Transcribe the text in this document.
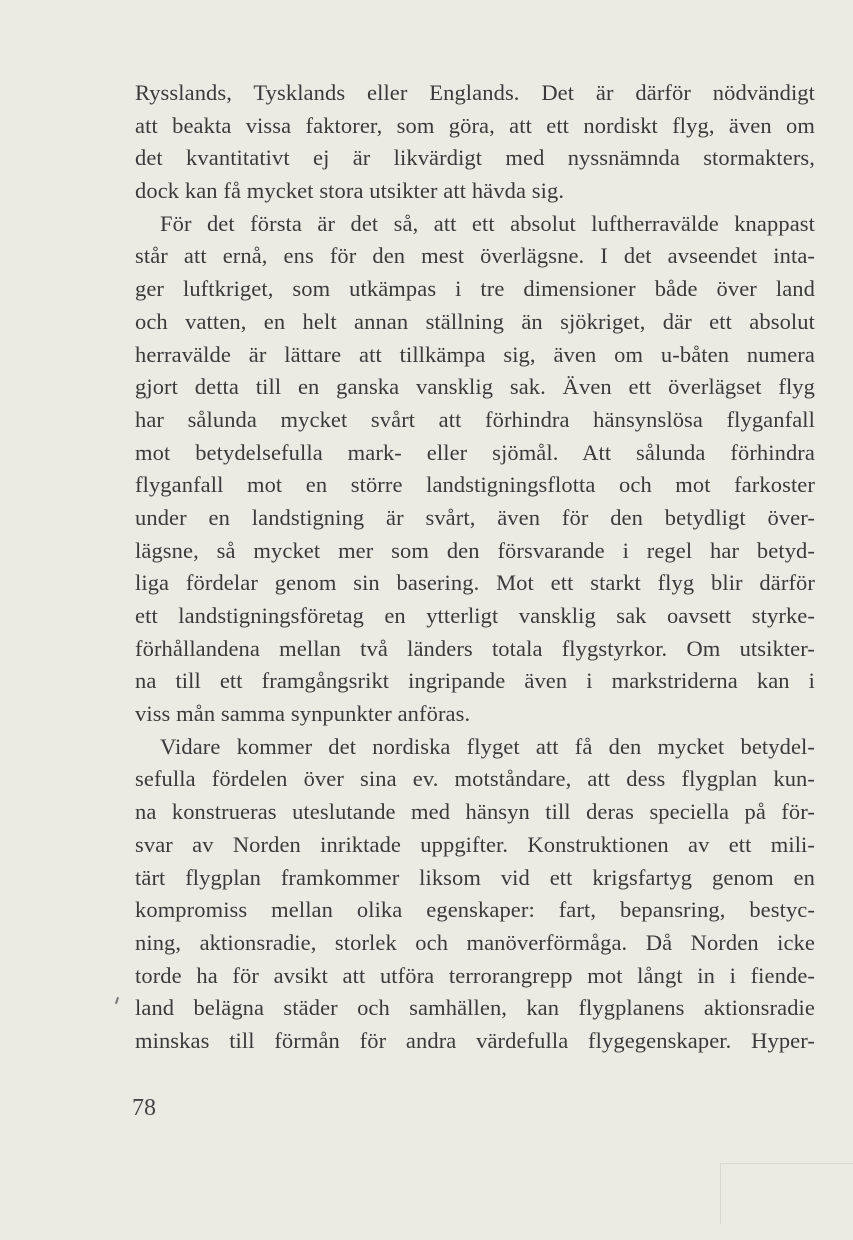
Rysslands, Tysklands eller Englands. Det är därför nödvändigt
att beakta vissa faktorer, som göra, att ett nordiskt flyg, även om
det kvantitativt ej är likvärdigt med nyssnämnda stormakters,
dock kan få mycket stora utsikter att hävda sig.
För det första är det så, att ett absolut luftherravälde knappast
står att ernå, ens för den mest överlägsne. I det avseendet inta-
ger luftkriget, som utkämpas i tre dimensioner både över land
och vatten, en helt annan ställning än sjökriget, där ett absolut
herravälde är lättare att tillkämpa sig, även om u-båten numera
gjort detta till en ganska vansklig sak. Även ett överlägset flyg
har sålunda mycket svårt att förhindra hänsynslösa flyganfall
mot betydelsefulla mark- eller sjömål. Att sålunda förhindra
flyganfall mot en större landstigningsflotta och mot farkoster
under en landstigning är svårt, även för den betydligt över-
lägsne, så mycket mer som den försvarande i regel har betyd-
liga fördelar genom sin basering. Mot ett starkt flyg blir därför
ett landstigningsföretag en ytterligt vansklig sak oavsett styrke-
förhållandena mellan två länders totala flygstyrkor. Om utsikter-
na till ett framgångsrikt ingripande även i markstriderna kan i
viss mån samma synpunkter anföras.
Vidare kommer det nordiska flyget att få den mycket betydel-
sefulla fördelen över sina ev. motståndare, att dess flygplan kun-
na konstrueras uteslutande med hänsyn till deras speciella på för-
svar av Norden inriktade uppgifter. Konstruktionen av ett mili-
tärt flygplan framkommer liksom vid ett krigsfartyg genom en
kompromiss mellan olika egenskaper: fart, bepansring, bestyc-
ning, aktionsradie, storlek och manöverförmåga. Då Norden icke
torde ha för avsikt att utföra terrorangrepp mot långt in i fiende-
land belägna städer och samhällen, kan flygplanens aktionsradie
minskas till förmån för andra värdefulla flygegenskaper. Hyper-
78
